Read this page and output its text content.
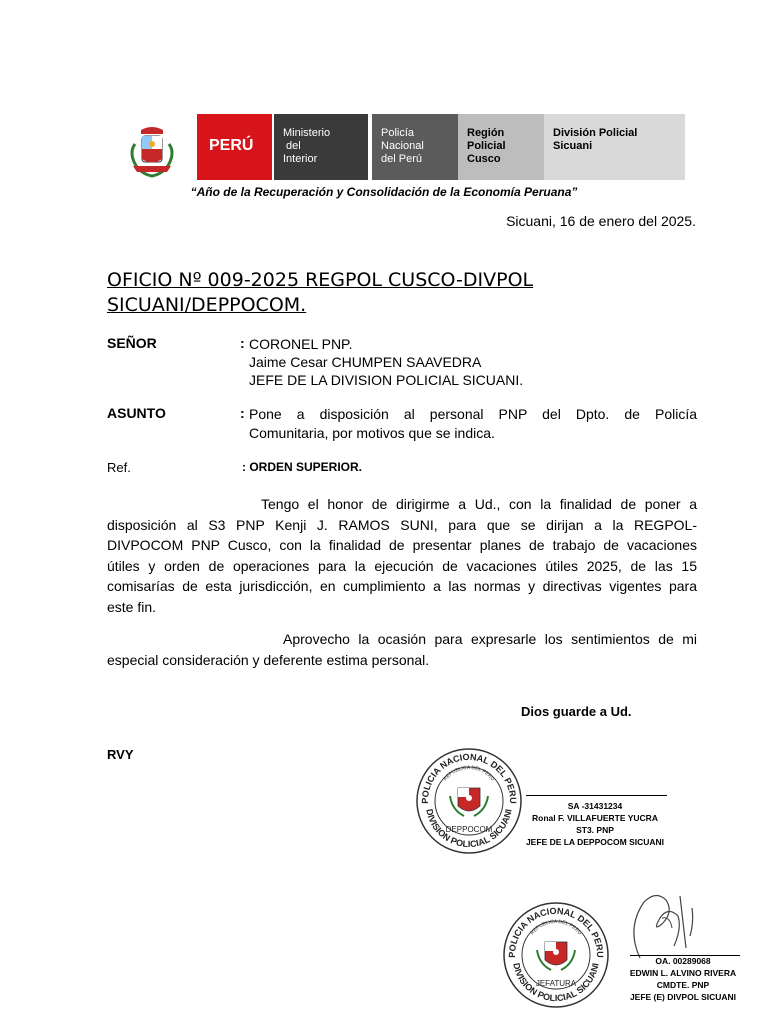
PERÚ
Ministerio
del
Interior
Policía
Nacional
del Perú
Región
Policial
Cusco
División Policial
Sicuani
“Año de la Recuperación y Consolidación de la Economía Peruana”
Sicuani, 16 de enero del 2025.
OFICIO Nº 009-2025 REGPOL CUSCO-DIVPOL
SICUANI/DEPPOCOM.
SEÑOR	: CORONEL PNP.
Jaime Cesar CHUMPEN SAAVEDRA
JEFE DE LA DIVISION POLICIAL SICUANI.
ASUNTO	: Pone a disposición al personal PNP del Dpto. de Policía
Comunitaria, por motivos que se indica.
Ref.	: ORDEN SUPERIOR.
Tengo el honor de dirigirme a Ud., con la finalidad de poner a
disposición al S3 PNP Kenji J. RAMOS SUNI, para que se dirijan a la REGPOL-
DIVPOCOM PNP Cusco, con la finalidad de presentar planes de trabajo de vacaciones
útiles y orden de operaciones para la ejecución de vacaciones útiles 2025, de las 15
comisarías de esta jurisdicción, en cumplimiento a las normas y directivas vigentes para
este fin.
Aprovecho la ocasión para expresarle los sentimientos de mi
especial consideración y deferente estima personal.
Dios guarde a Ud.
RVY
POLICIA NACIONAL DEL PERU
DIVISION POLICIAL SICUANI
REPUBLICA DEL PERU
DEPPOCOM
SA -31431234
Ronal F. VILLAFUERTE YUCRA
ST3. PNP
JEFE DE LA DEPPOCOM SICUANI
POLICIA NACIONAL DEL PERU
DIVISION POLICIAL SICUANI
REPUBLICA DEL PERU
JEFATURA
OA. 00289068
EDWIN L. ALVINO RIVERA
CMDTE. PNP
JEFE (E) DIVPOL SICUANI
